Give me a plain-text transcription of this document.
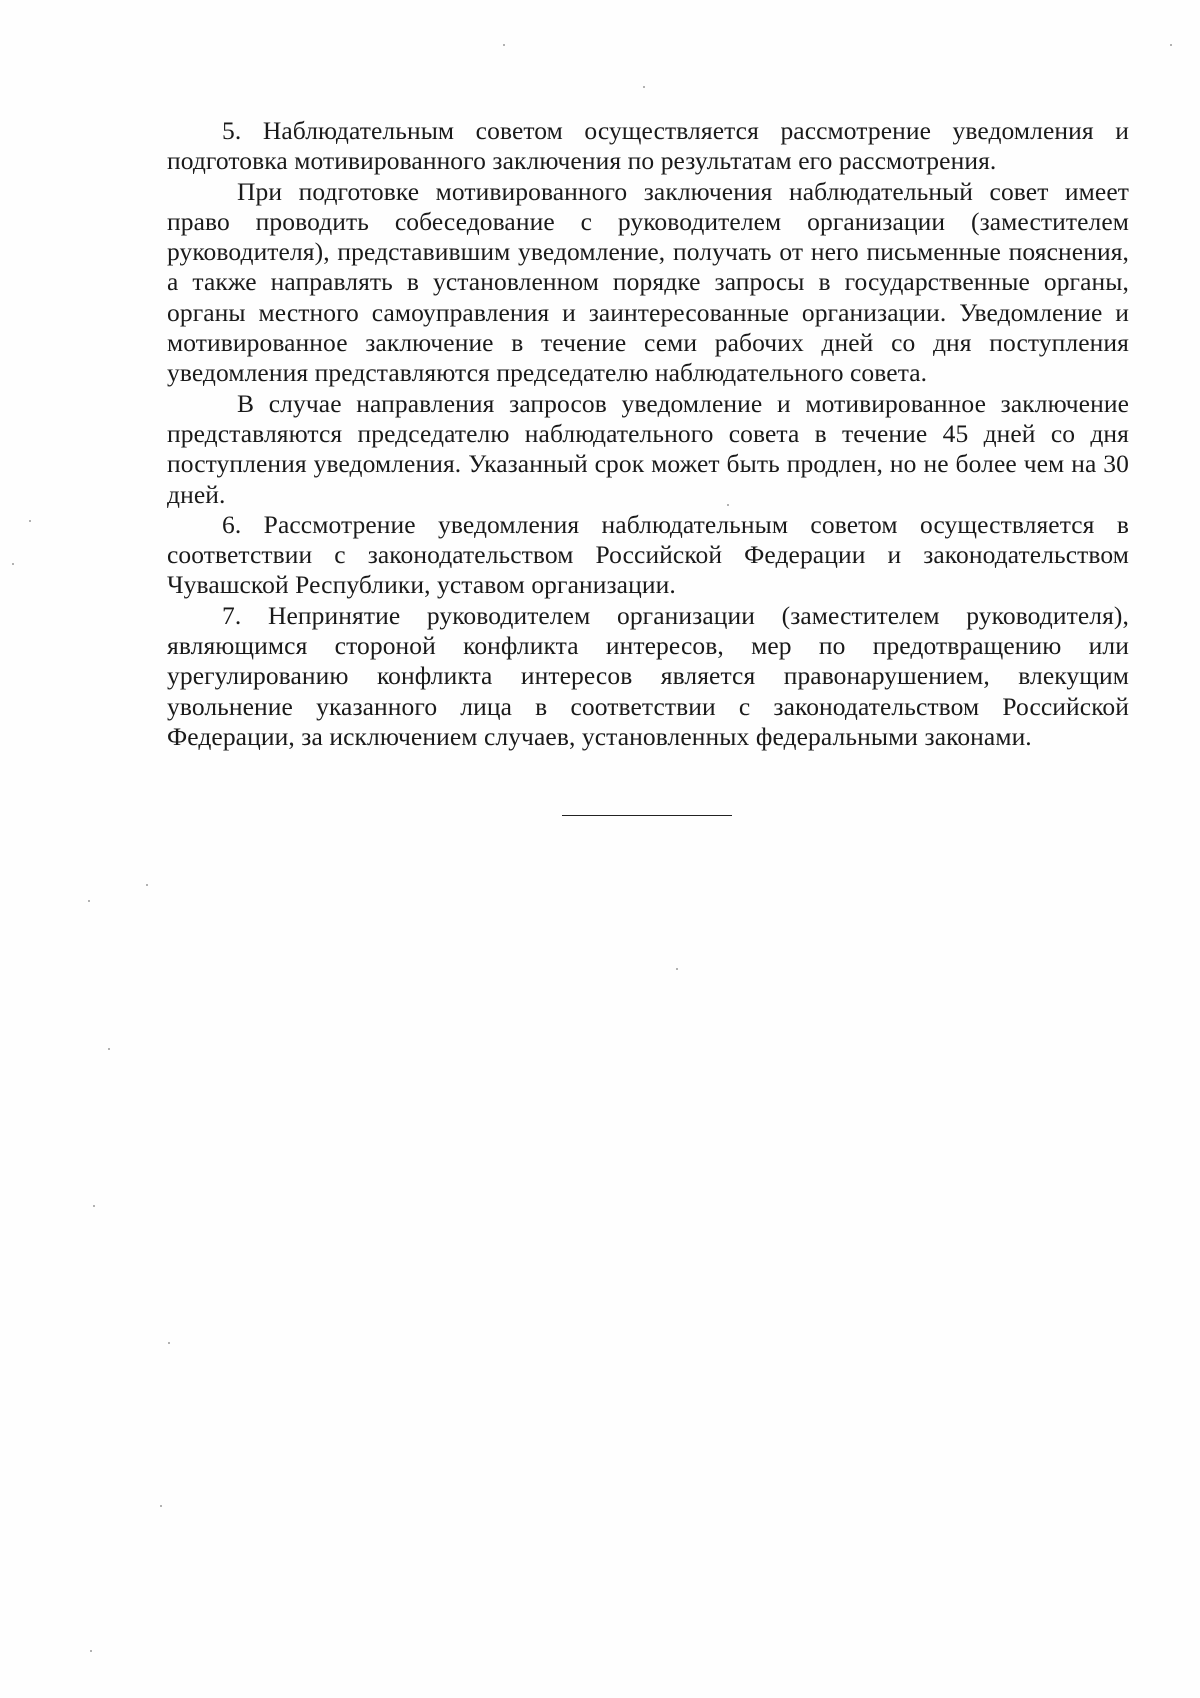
5. Наблюдательным советом осуществляется рассмотрение уведомления и подготовка мотивированного заключения по результатам его рассмотрения.

При подготовке мотивированного заключения наблюдательный совет имеет право проводить собеседование с руководителем организации (заместителем руководителя), представившим уведомление, получать от него письменные пояснения, а также направлять в установленном порядке запросы в государственные органы, органы местного самоуправления и заинтересованные организации. Уведомление и мотивированное заключение в течение семи рабочих дней со дня поступления уведомления представляются председателю наблюдательного совета.

В случае направления запросов уведомление и мотивированное заключение представляются председателю наблюдательного совета в течение 45 дней со дня поступления уведомления. Указанный срок может быть продлен, но не более чем на 30 дней.

6. Рассмотрение уведомления наблюдательным советом осуществляется в соответствии с законодательством Российской Федерации и законодательством Чувашской Республики, уставом организации.

7. Непринятие руководителем организации (заместителем руководителя), являющимся стороной конфликта интересов, мер по предотвращению или урегулированию конфликта интересов является правонарушением, влекущим увольнение указанного лица в соответствии с законодательством Российской Федерации, за исключением случаев, установленных федеральными законами.
